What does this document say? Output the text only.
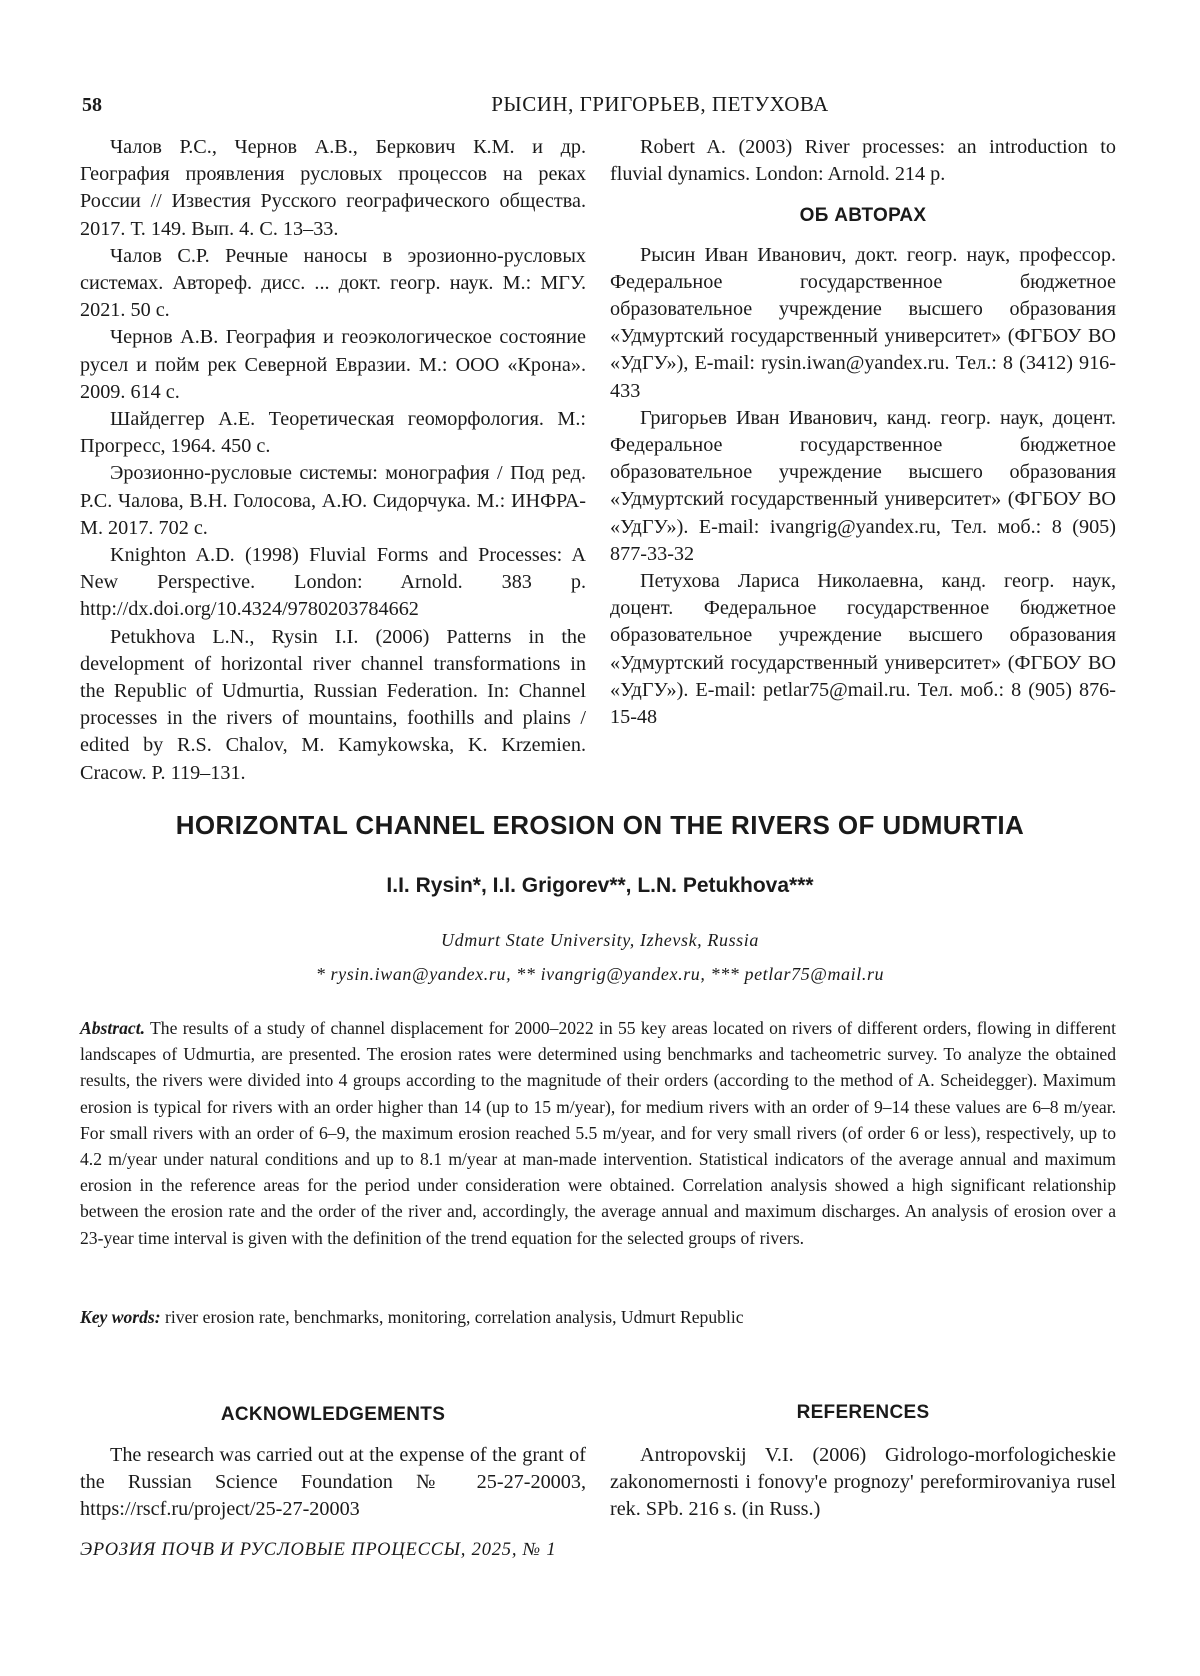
58	РЫСИН, ГРИГОРЬЕВ, ПЕТУХОВА

Чалов Р.С., Чернов А.В., Беркович К.М. и др. География проявления русловых процессов на реках России // Известия Русского географического общества. 2017. Т. 149. Вып. 4. С. 13–33.

Чалов С.Р. Речные наносы в эрозионно-русловых системах. Автореф. дисс. ... докт. геогр. наук. М.: МГУ. 2021. 50 с.

Чернов А.В. География и геоэкологическое состояние русел и пойм рек Северной Евразии. М.: ООО «Крона». 2009. 614 с.

Шайдеггер А.Е. Теоретическая геоморфология. М.: Прогресс, 1964. 450 с.

Эрозионно-русловые системы: монография / Под ред. Р.С. Чалова, В.Н. Голосова, А.Ю. Сидорчука. М.: ИНФРА-М. 2017. 702 с.

Knighton A.D. (1998) Fluvial Forms and Processes: A New Perspective. London: Arnold. 383 p. http://dx.doi.org/10.4324/9780203784662

Petukhova L.N., Rysin I.I. (2006) Patterns in the development of horizontal river channel transformations in the Republic of Udmurtia, Russian Federation. In: Channel processes in the rivers of mountains, foothills and plains / edited by R.S. Chalov, M. Kamykowska, K. Krzemien. Cracow. P. 119–131.

Robert A. (2003) River processes: an introduction to fluvial dynamics. London: Arnold. 214 p.

ОБ АВТОРАХ

Рысин Иван Иванович, докт. геогр. наук, профессор. Федеральное государственное бюджетное образовательное учреждение высшего образования «Удмуртский государственный университет» (ФГБОУ ВО «УдГУ»), E-mail: rysin.iwan@yandex.ru. Тел.: 8 (3412) 916-433

Григорьев Иван Иванович, канд. геогр. наук, доцент. Федеральное государственное бюджетное образовательное учреждение высшего образования «Удмуртский государственный университет» (ФГБОУ ВО «УдГУ»). E-mail: ivangrig@yandex.ru, Тел. моб.: 8 (905) 877-33-32

Петухова Лариса Николаевна, канд. геогр. наук, доцент. Федеральное государственное бюджетное образовательное учреждение высшего образования «Удмуртский государственный университет» (ФГБОУ ВО «УдГУ»). E-mail: petlar75@mail.ru. Тел. моб.: 8 (905) 876-15-48

HORIZONTAL CHANNEL EROSION ON THE RIVERS OF UDMURTIA
I.I. Rysin*, I.I. Grigorev**, L.N. Petukhova***
Udmurt State University, Izhevsk, Russia
* rysin.iwan@yandex.ru, ** ivangrig@yandex.ru, *** petlar75@mail.ru
Abstract. The results of a study of channel displacement for 2000–2022 in 55 key areas located on rivers of different orders, flowing in different landscapes of Udmurtia, are presented. The erosion rates were determined using benchmarks and tacheometric survey. To analyze the obtained results, the rivers were divided into 4 groups according to the magnitude of their orders (according to the method of A. Scheidegger). Maximum erosion is typical for rivers with an order higher than 14 (up to 15 m/year), for medium rivers with an order of 9–14 these values are 6–8 m/year. For small rivers with an order of 6–9, the maximum erosion reached 5.5 m/year, and for very small rivers (of order 6 or less), respectively, up to 4.2 m/year under natural conditions and up to 8.1 m/year at man-made intervention. Statistical indicators of the average annual and maximum erosion in the reference areas for the period under consideration were obtained. Correlation analysis showed a high significant relationship between the erosion rate and the order of the river and, accordingly, the average annual and maximum discharges. An analysis of erosion over a 23-year time interval is given with the definition of the trend equation for the selected groups of rivers.
Key words: river erosion rate, benchmarks, monitoring, correlation analysis, Udmurt Republic
ACKNOWLEDGEMENTS	REFERENCES
The research was carried out at the expense of the grant of the Russian Science Foundation № 25-27-20003, https://rscf.ru/project/25-27-20003
Antropovskij V.I. (2006) Gidrologo-morfologicheskie zakonomernosti i fonovy'e prognozy' pereformirovaniya rusel rek. SPb. 216 s. (in Russ.)
ЭРОЗИЯ ПОЧВ И РУСЛОВЫЕ ПРОЦЕССЫ, 2025, № 1
